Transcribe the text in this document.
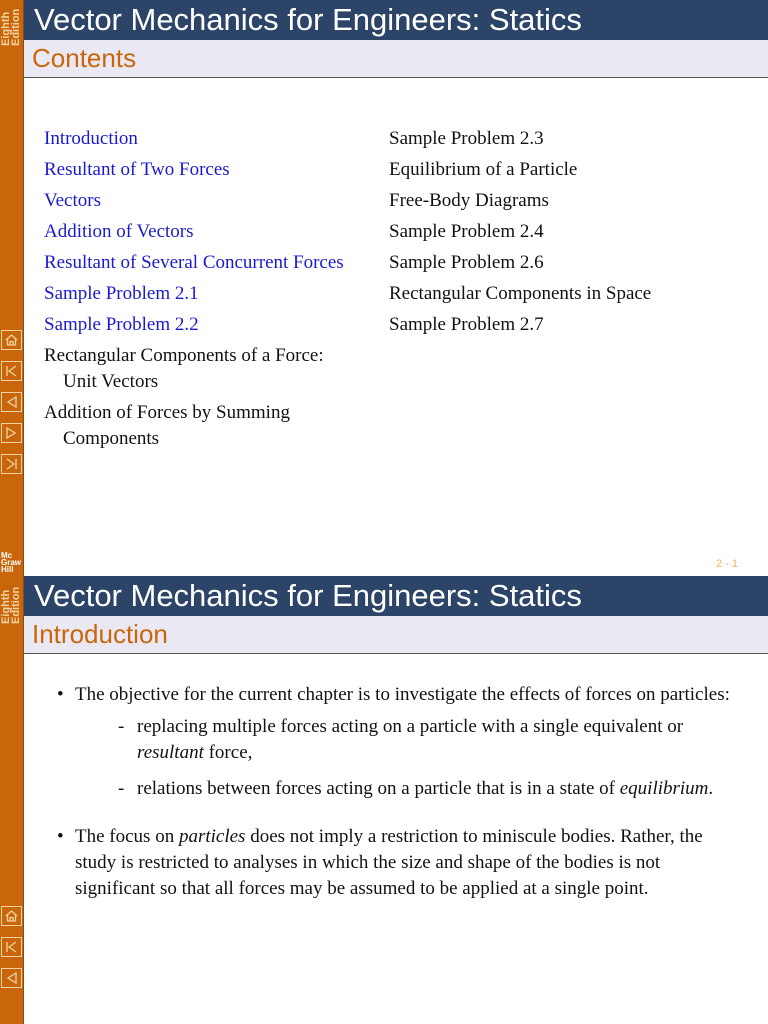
Eighth Edition Vector Mechanics for Engineers: Statics
Contents
Introduction
Resultant of Two Forces
Vectors
Addition of Vectors
Resultant of Several Concurrent Forces
Sample Problem 2.1
Sample Problem 2.2
Rectangular Components of a Force:
Unit Vectors
Addition of Forces by Summing
Components
Sample Problem 2.3
Equilibrium of a Particle
Free-Body Diagrams
Sample Problem 2.4
Sample Problem 2.6
Rectangular Components in Space
Sample Problem 2.7
Mc Graw Hill
Eighth Edition
2 - 1
Vector Mechanics for Engineers: Statics
Introduction
• The objective for the current chapter is to investigate the effects of forces on particles:
- replacing multiple forces acting on a particle with a single equivalent or resultant force,
- relations between forces acting on a particle that is in a state of equilibrium.
• The focus on particles does not imply a restriction to miniscule bodies. Rather, the study is restricted to analyses in which the size and shape of the bodies is not significant so that all forces may be assumed to be applied at a single point.
